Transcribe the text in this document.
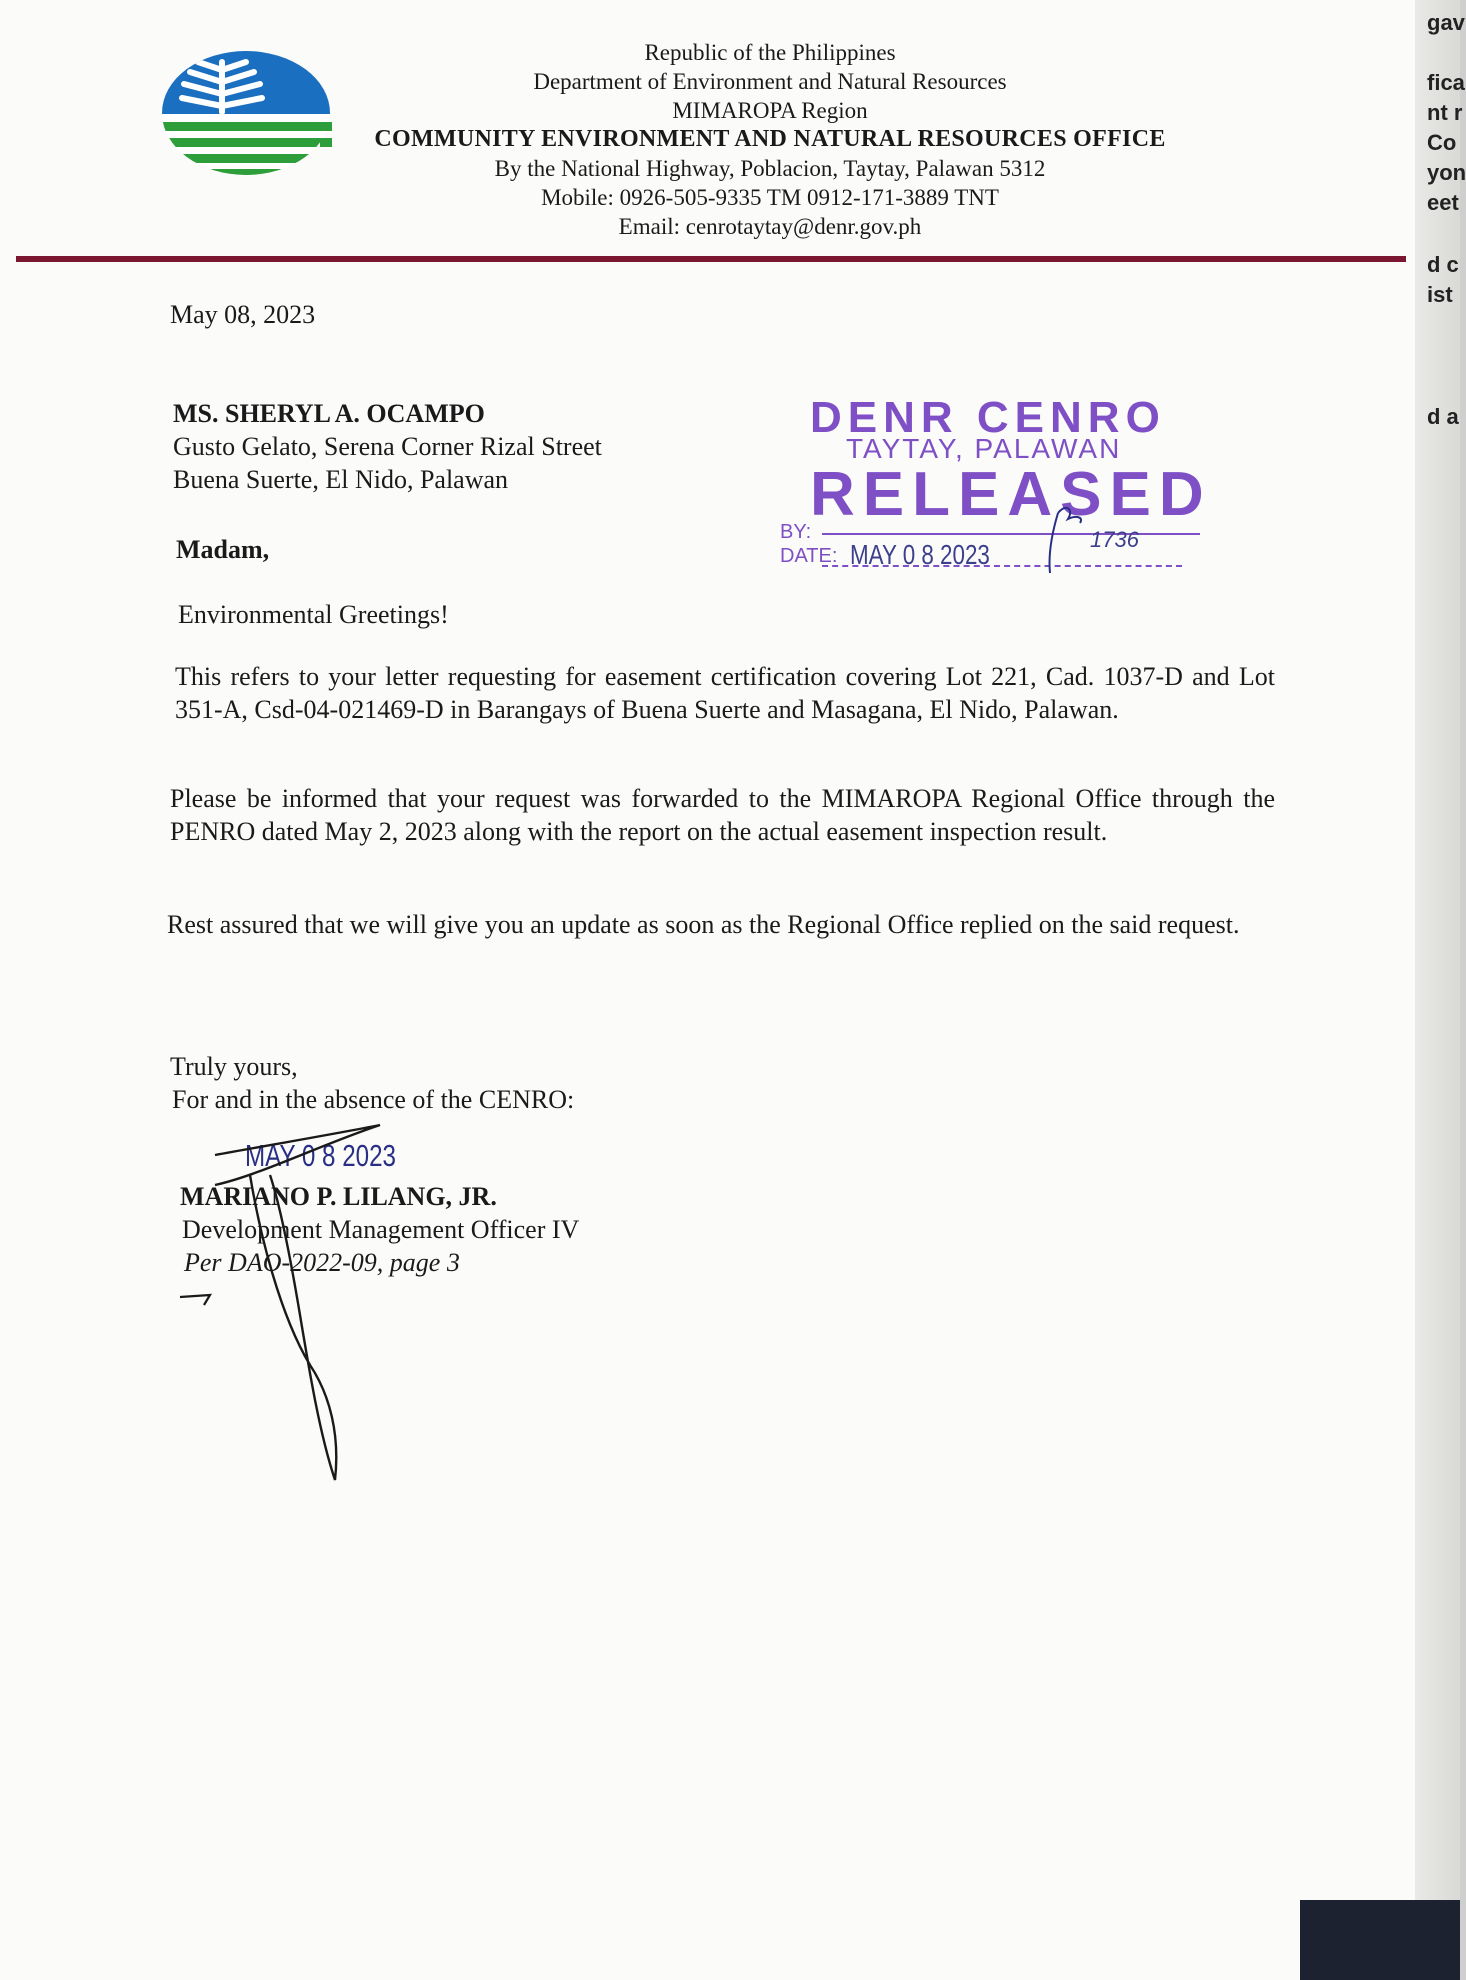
Republic of the Philippines
Department of Environment and Natural Resources
MIMAROPA Region
COMMUNITY ENVIRONMENT AND NATURAL RESOURCES OFFICE
By the National Highway, Poblacion, Taytay, Palawan 5312
Mobile: 0926-505-9335 TM 0912-171-3889 TNT
Email: cenrotaytay@denr.gov.ph
May 08, 2023
MS. SHERYL A. OCAMPO
Gusto Gelato, Serena Corner Rizal Street
Buena Suerte, El Nido, Palawan
Madam,
Environmental Greetings!
This refers to your letter requesting for easement certification covering Lot 221, Cad. 1037-D and Lot 351-A, Csd-04-021469-D in Barangays of Buena Suerte and Masagana, El Nido, Palawan.
Please be informed that your request was forwarded to the MIMAROPA Regional Office through the PENRO dated May 2, 2023 along with the report on the actual easement inspection result.
Rest assured that we will give you an update as soon as the Regional Office replied on the said request.
Truly yours,
For and in the absence of the CENRO:
MARIANO P. LILANG, JR.
Development Management Officer IV
Per DAO-2022-09, page 3
MAY 0 8 2023
DENR CENRO
TAYTAY, PALAWAN
RELEASED
BY:
DATE: MAY 0 8 2023	1736
gav
fica
nt r
Co
yon
eet
d c
ist
d a
